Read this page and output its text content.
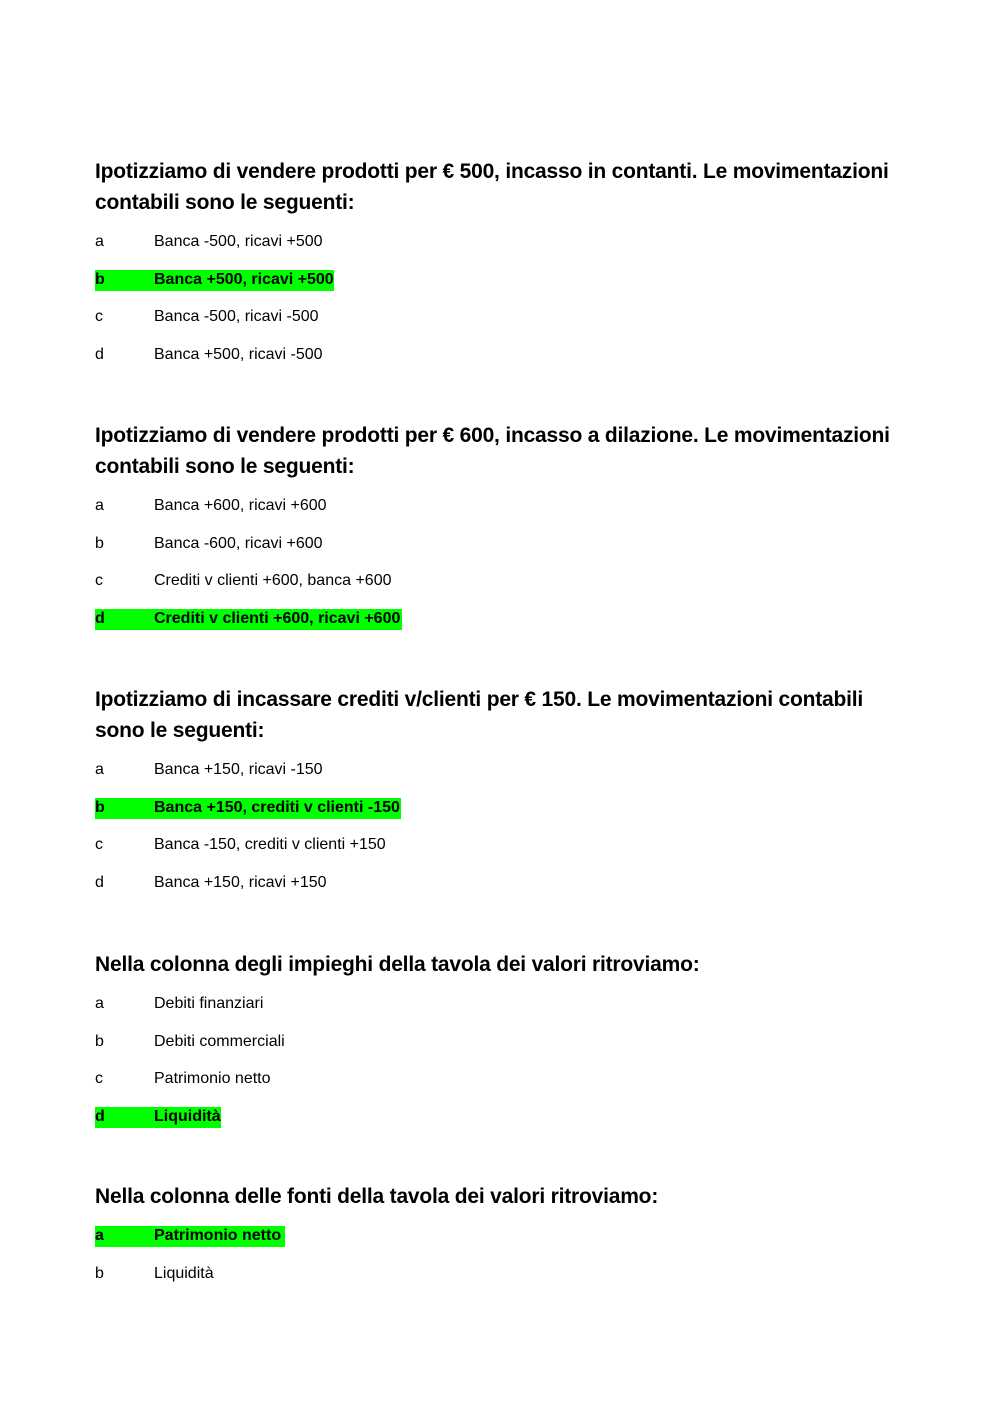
Ipotizziamo di vendere prodotti per € 500, incasso in contanti. Le movimentazioni contabili sono le seguenti:

a	Banca -500, ricavi +500
b	Banca +500, ricavi +500
c	Banca -500, ricavi -500
d	Banca +500, ricavi -500

Ipotizziamo di vendere prodotti per € 600, incasso a dilazione. Le movimentazioni contabili sono le seguenti:

a	Banca +600, ricavi +600
b	Banca -600, ricavi +600
c	Crediti v clienti +600, banca +600
d	Crediti v clienti +600, ricavi +600

Ipotizziamo di incassare crediti v/clienti per € 150. Le movimentazioni contabili sono le seguenti:

a	Banca +150, ricavi -150
b	Banca +150, crediti v clienti -150
c	Banca -150, crediti v clienti +150
d	Banca +150, ricavi +150

Nella colonna degli impieghi della tavola dei valori ritroviamo:

a	Debiti finanziari
b	Debiti commerciali
c	Patrimonio netto
d	Liquidità

Nella colonna delle fonti della tavola dei valori ritroviamo:

a	Patrimonio netto
b	Liquidità
